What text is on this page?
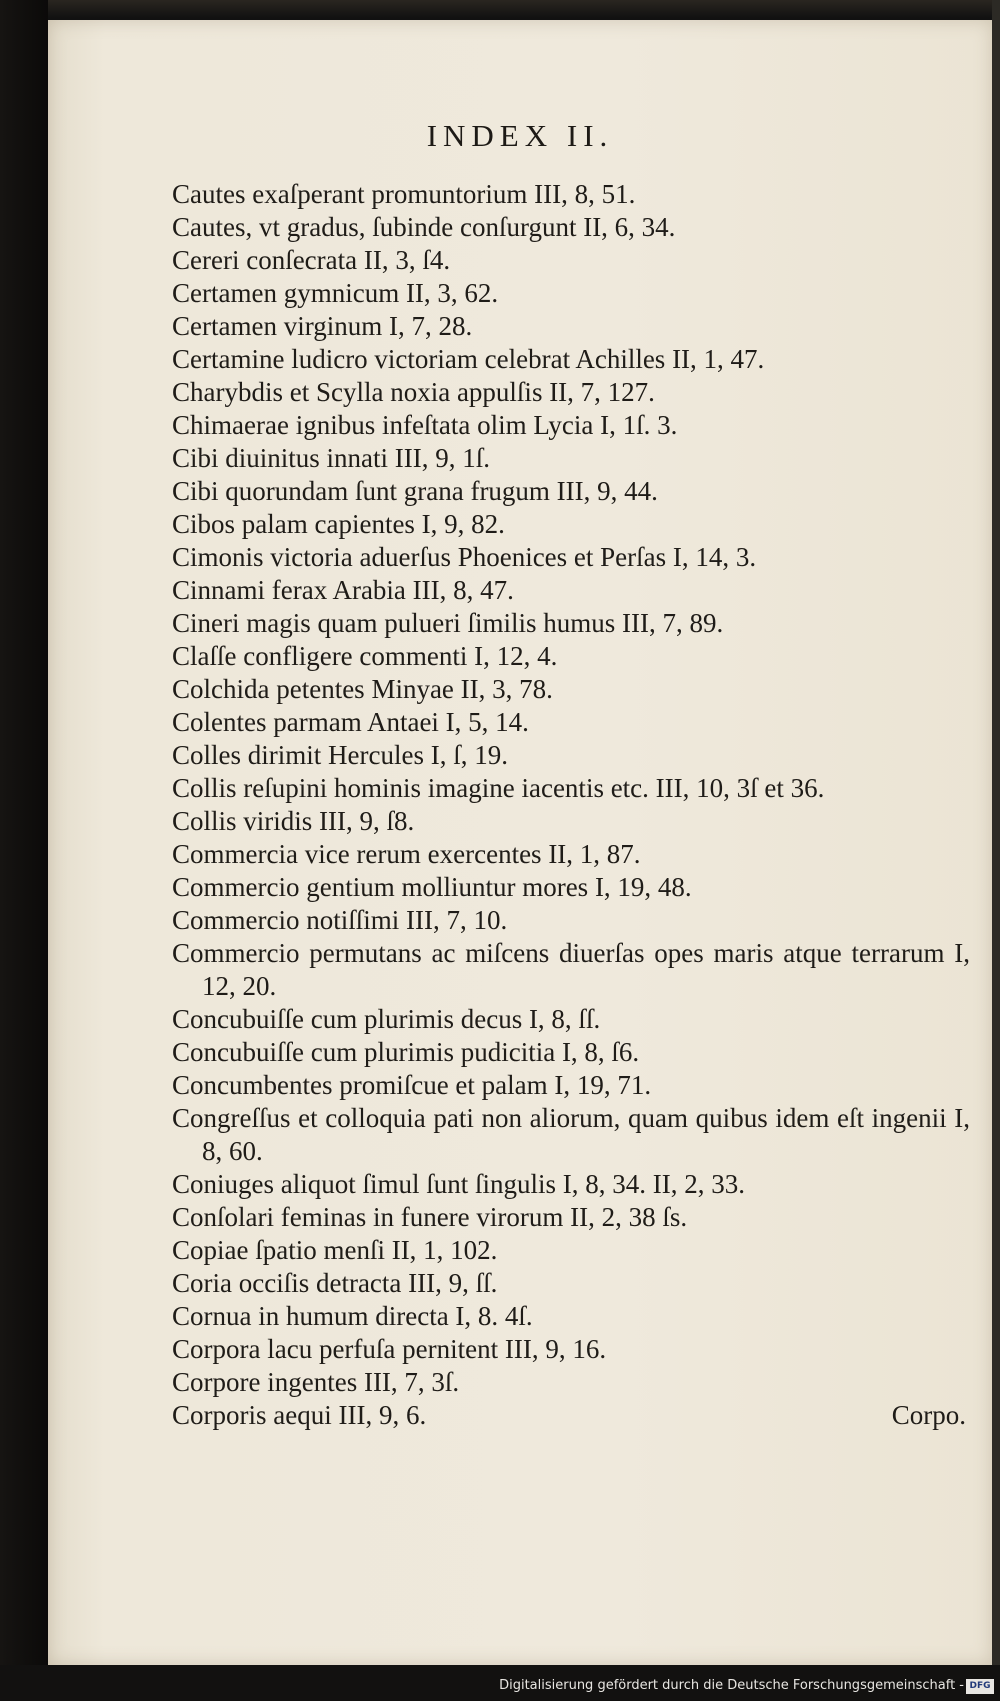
INDEX II.
Cautes exaſperant promuntorium III, 8, 51.
Cautes, vt gradus, ſubinde conſurgunt II, 6, 34.
Cereri conſecrata II, 3, ſ4.
Certamen gymnicum II, 3, 62.
Certamen virginum I, 7, 28.
Certamine ludicro victoriam celebrat Achilles II, 1, 47.
Charybdis et Scylla noxia appulſis II, 7, 127.
Chimaerae ignibus infeſtata olim Lycia I, 1ſ. 3.
Cibi diuinitus innati III, 9, 1ſ.
Cibi quorundam ſunt grana frugum III, 9, 44.
Cibos palam capientes I, 9, 82.
Cimonis victoria aduerſus Phoenices et Perſas I, 14, 3.
Cinnami ferax Arabia III, 8, 47.
Cineri magis quam pulueri ſimilis humus III, 7, 89.
Claſſe confligere commenti I, 12, 4.
Colchida petentes Minyae II, 3, 78.
Colentes parmam Antaei I, 5, 14.
Colles dirimit Hercules I, ſ, 19.
Collis reſupini hominis imagine iacentis etc. III, 10, 3ſ et 36.
Collis viridis III, 9, ſ8.
Commercia vice rerum exercentes II, 1, 87.
Commercio gentium molliuntur mores I, 19, 48.
Commercio notiſſimi III, 7, 10.
Commercio permutans ac miſcens diuerſas opes maris atque terrarum I, 12, 20.
Concubuiſſe cum plurimis decus I, 8, ſſ.
Concubuiſſe cum plurimis pudicitia I, 8, ſ6.
Concumbentes promiſcue et palam I, 19, 71.
Congreſſus et colloquia pati non aliorum, quam quibus idem eſt ingenii I, 8, 60.
Coniuges aliquot ſimul ſunt ſingulis I, 8, 34. II, 2, 33.
Conſolari feminas in funere virorum II, 2, 38 ſs.
Copiae ſpatio menſi II, 1, 102.
Coria occiſis detracta III, 9, ſſ.
Cornua in humum directa I, 8. 4ſ.
Corpora lacu perfuſa pernitent III, 9, 16.
Corpore ingentes III, 7, 3ſ.
Corporis aequi III, 9, 6.	Corpo.
Digitalisierung gefördert durch die Deutsche Forschungsgemeinschaft - DFG
